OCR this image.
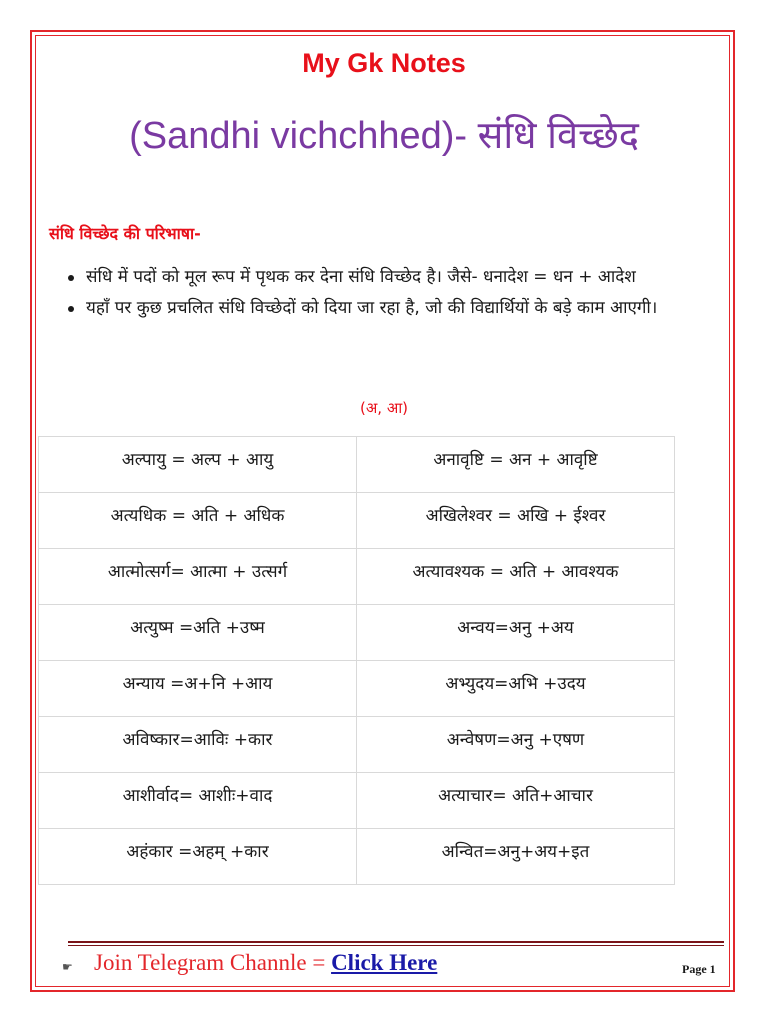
My Gk Notes
(Sandhi vichchhed)- संधि विच्छेद
संधि विच्छेद की परिभाषा-
संधि में पदों को मूल रूप में पृथक कर देना संधि विच्छेद है। जैसे- धनादेश = धन + आदेश
यहाँ पर कुछ प्रचलित संधि विच्छेदों को दिया जा रहा है, जो की विद्यार्थियों के बड़े काम आएगी।
(अ, आ)
अल्पायु = अल्प + आयु	अनावृष्टि = अन + आवृष्टि
अत्यधिक = अति + अधिक	अखिलेश्वर = अखि + ईश्वर
आत्मोत्सर्ग= आत्मा + उत्सर्ग	अत्यावश्यक = अति + आवश्यक
अत्युष्म =अति +उष्म	अन्वय=अनु +अय
अन्याय =अ+नि +आय	अभ्युदय=अभि +उदय
अविष्कार=आविः +कार	अन्वेषण=अनु +एषण
आशीर्वाद= आशीः+वाद	अत्याचार= अति+आचार
अहंकार =अहम् +कार	अन्वित=अनु+अय+इत
☛ Join Telegram Channle = Click Here	Page 1
